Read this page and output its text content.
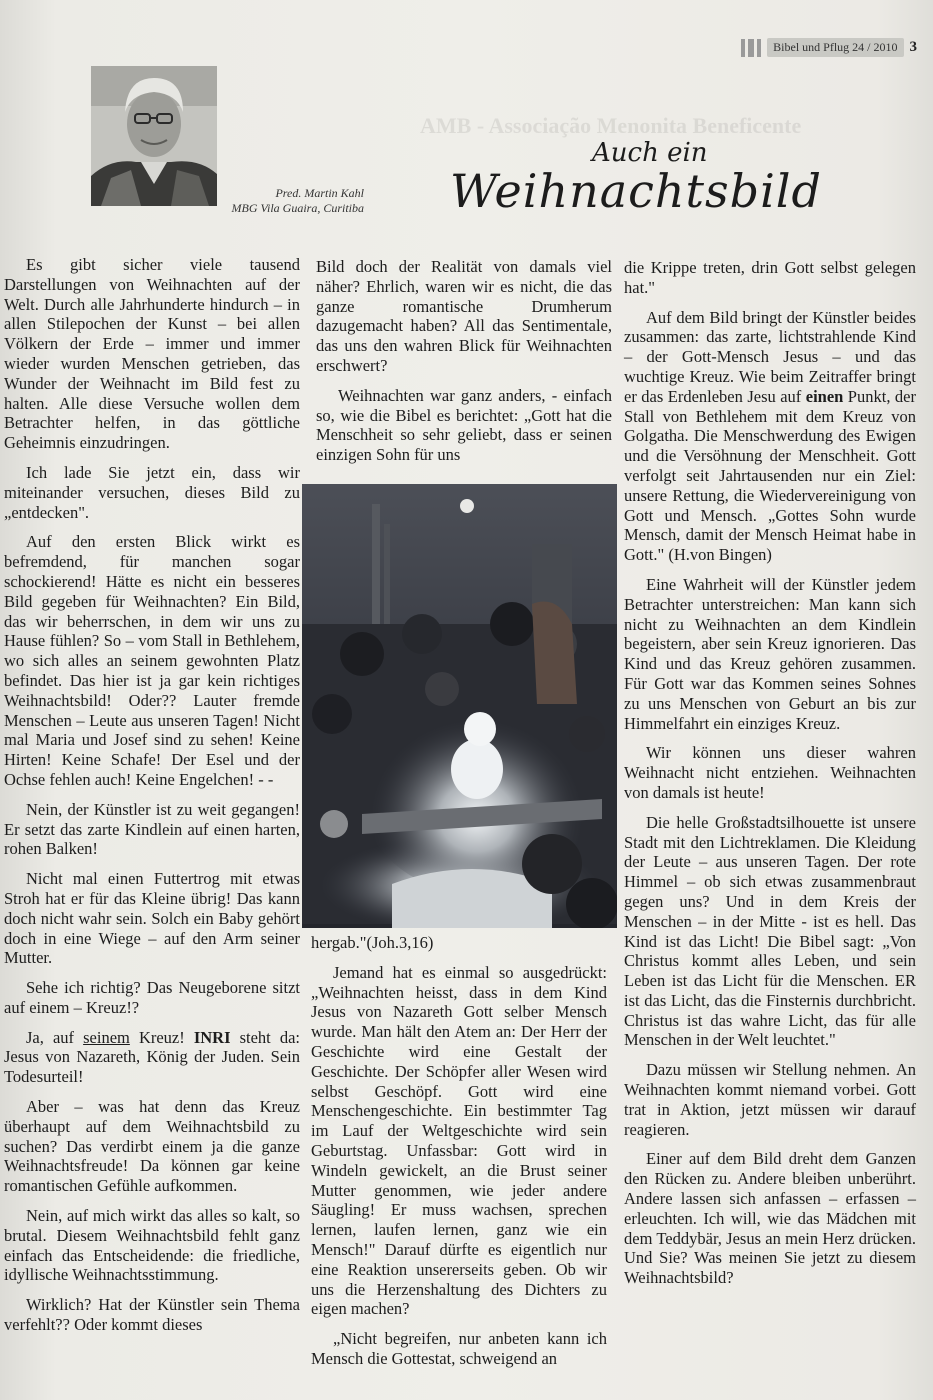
Bibel und Pflug 24 / 2010 3
Pred. Martin Kahl
MBG Vila Guaira, Curitiba
AMB - Associação Menonita Beneficente
Auch ein
Weihnachtsbild

Es gibt sicher viele tausend Darstellungen von Weihnachten auf der Welt. Durch alle Jahrhunderte hindurch – in allen Stilepochen der Kunst – bei allen Völkern der Erde – immer und immer wieder wurden Menschen getrieben, das Wunder der Weihnacht im Bild fest zu halten. Alle diese Versuche wollen dem Betrachter helfen, in das göttliche Geheimnis einzudringen.

Ich lade Sie jetzt ein, dass wir miteinander versuchen, dieses Bild zu „entdecken".

Auf den ersten Blick wirkt es befremdend, für manchen sogar schockierend! Hätte es nicht ein besseres Bild gegeben für Weihnachten? Ein Bild, das wir beherrschen, in dem wir uns zu Hause fühlen? So – vom Stall in Bethlehem, wo sich alles an seinem gewohnten Platz befindet. Das hier ist ja gar kein richtiges Weihnachtsbild! Oder?? Lauter fremde Menschen – Leute aus unseren Tagen! Nicht mal Maria und Josef sind zu sehen! Keine Hirten! Keine Schafe! Der Esel und der Ochse fehlen auch! Keine Engelchen! - -

Nein, der Künstler ist zu weit gegangen! Er setzt das zarte Kindlein auf einen harten, rohen Balken!

Nicht mal einen Futtertrog mit etwas Stroh hat er für das Kleine übrig! Das kann doch nicht wahr sein. Solch ein Baby gehört doch in eine Wiege – auf den Arm seiner Mutter.

Sehe ich richtig? Das Neugeborene sitzt auf einem – Kreuz!?

Ja, auf seinem Kreuz! INRI steht da: Jesus von Nazareth, König der Juden. Sein Todesurteil!

Aber – was hat denn das Kreuz überhaupt auf dem Weihnachtsbild zu suchen? Das verdirbt einem ja die ganze Weihnachtsfreude! Da können gar keine romantischen Gefühle aufkommen.

Nein, auf mich wirkt das alles so kalt, so brutal. Diesem Weihnachtsbild fehlt ganz einfach das Entscheidende: die friedliche, idyllische Weihnachtsstimmung.

Wirklich? Hat der Künstler sein Thema verfehlt?? Oder kommt dieses

Bild doch der Realität von damals viel näher? Ehrlich, waren wir es nicht, die das ganze romantische Drumherum dazugemacht haben? All das Sentimentale, das uns den wahren Blick für Weihnachten erschwert?

Weihnachten war ganz anders, - einfach so, wie die Bibel es berichtet: „Gott hat die Menschheit so sehr geliebt, dass er seinen einzigen Sohn für uns

hergab."(Joh.3,16)

Jemand hat es einmal so ausgedrückt: „Weihnachten heisst, dass in dem Kind Jesus von Nazareth Gott selber Mensch wurde. Man hält den Atem an: Der Herr der Geschichte wird eine Gestalt der Geschichte. Der Schöpfer aller Wesen wird selbst Geschöpf. Gott wird eine Menschengeschichte. Ein bestimmter Tag im Lauf der Weltgeschichte wird sein Geburtstag. Unfassbar: Gott wird in Windeln gewickelt, an die Brust seiner Mutter genommen, wie jeder andere Säugling! Er muss wachsen, sprechen lernen, laufen lernen, ganz wie ein Mensch!" Darauf dürfte es eigentlich nur eine Reaktion unsererseits geben. Ob wir uns die Herzenshaltung des Dichters zu eigen machen?

„Nicht begreifen, nur anbeten kann ich Mensch die Gottestat, schweigend an

die Krippe treten, drin Gott selbst gelegen hat."

Auf dem Bild bringt der Künstler beides zusammen: das zarte, lichtstrahlende Kind – der Gott-Mensch Jesus – und das wuchtige Kreuz. Wie beim Zeitraffer bringt er das Erdenleben Jesu auf einen Punkt, der Stall von Bethlehem mit dem Kreuz von Golgatha. Die Menschwerdung des Ewigen und die Versöhnung der Menschheit. Gott verfolgt seit Jahrtausenden nur ein Ziel: unsere Rettung, die Wiedervereinigung von Gott und Mensch. „Gottes Sohn wurde Mensch, damit der Mensch Heimat habe in Gott." (H.von Bingen)

Eine Wahrheit will der Künstler jedem Betrachter unterstreichen: Man kann sich nicht zu Weihnachten an dem Kindlein begeistern, aber sein Kreuz ignorieren. Das Kind und das Kreuz gehören zusammen. Für Gott war das Kommen seines Sohnes zu uns Menschen von Geburt an bis zur Himmelfahrt ein einziges Kreuz.

Wir können uns dieser wahren Weihnacht nicht entziehen. Weihnachten von damals ist heute!

Die helle Großstadtsilhouette ist unsere Stadt mit den Lichtreklamen. Die Kleidung der Leute – aus unseren Tagen. Der rote Himmel – ob sich etwas zusammenbraut gegen uns? Und in dem Kreis der Menschen – in der Mitte - ist es hell. Das Kind ist das Licht! Die Bibel sagt: „Von Christus kommt alles Leben, und sein Leben ist das Licht für die Menschen. ER ist das Licht, das die Finsternis durchbricht. Christus ist das wahre Licht, das für alle Menschen in der Welt leuchtet."

Dazu müssen wir Stellung nehmen. An Weihnachten kommt niemand vorbei. Gott trat in Aktion, jetzt müssen wir darauf reagieren.

Einer auf dem Bild dreht dem Ganzen den Rücken zu. Andere bleiben unberührt. Andere lassen sich anfassen – erfassen – erleuchten. Ich will, wie das Mädchen mit dem Teddybär, Jesus an mein Herz drücken. Und Sie? Was meinen Sie jetzt zu diesem Weihnachtsbild?
